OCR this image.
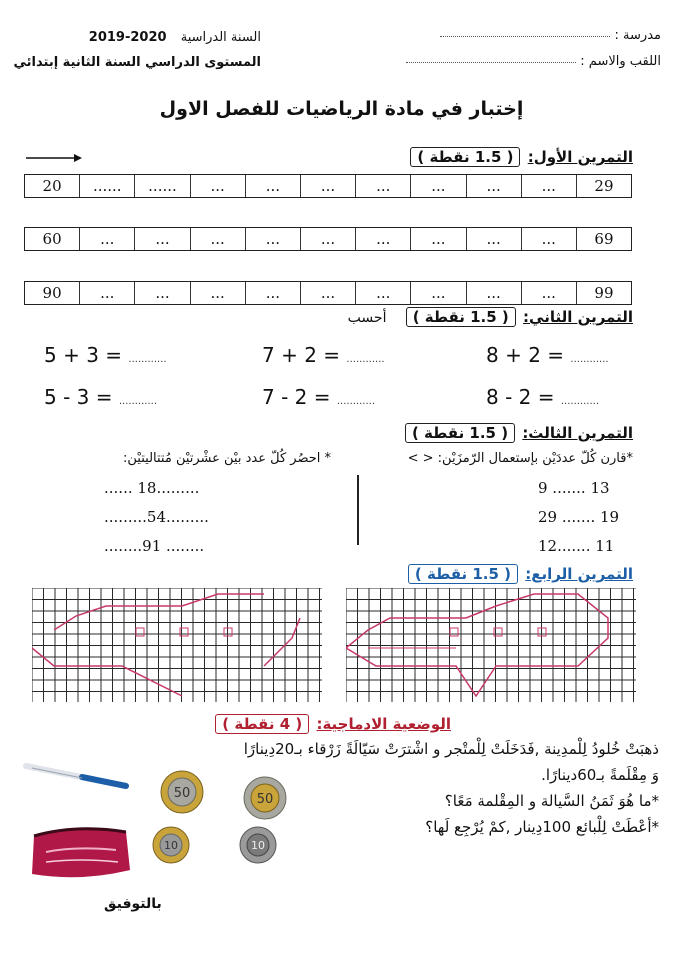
مدرسة :
اللقب والاسم :
السنة الدراسية 2020-2019
المستوى الدراسي السنة الثانية إبتدائي
إختبار في مادة الرياضيات للفصل الاول
التمرين الأول: ( 1.5 نقطة )
20	......	......	...	...	...	...	...	...	...	29
60	...	...	...	...	...	...	...	...	...	69
90	...	...	...	...	...	...	...	...	...	99
التمرين الثاني: ( 1.5 نقطة ) أحسب
5 + 3 = ............	7 + 2 = ............	8 + 2 = ............
5 - 3 = ............	7 - 2 = ............	8 - 2 = ............
التمرين الثالث: ( 1.5 نقطة )
*قارن كُلّ عددَيْن بإستعمال الرّمزَيْن: < >
* احصُر كُلّ عدد بيْن عشْرتيْن مُتتاليتيْن:
9 ....... 13
29 ....... 19
12....... 11
...... 18.........
.........54.........
........91 ........
التمرين الرابع: ( 1.5 نقطة )
الوضعية الادماجية: ( 4 نقطة )
ذهبَتْ خُلودُ لِلْمدِينة ,فَدَخَلَتْ لِلْمتْجر و اشْترَتْ سَيّالَةً زَرْقاء بـ20دِينارًا
وَ مِقْلَمةً بـ60دينارًا.
*ما هُوَ ثَمَنُ السَّيالة و المِقْلمة مَعًا؟
*أعْطَتْ لِلْبائع 100دِينار ,كمْ يُرْجِع لَها؟
50	50
10	10
بالتوفيق
